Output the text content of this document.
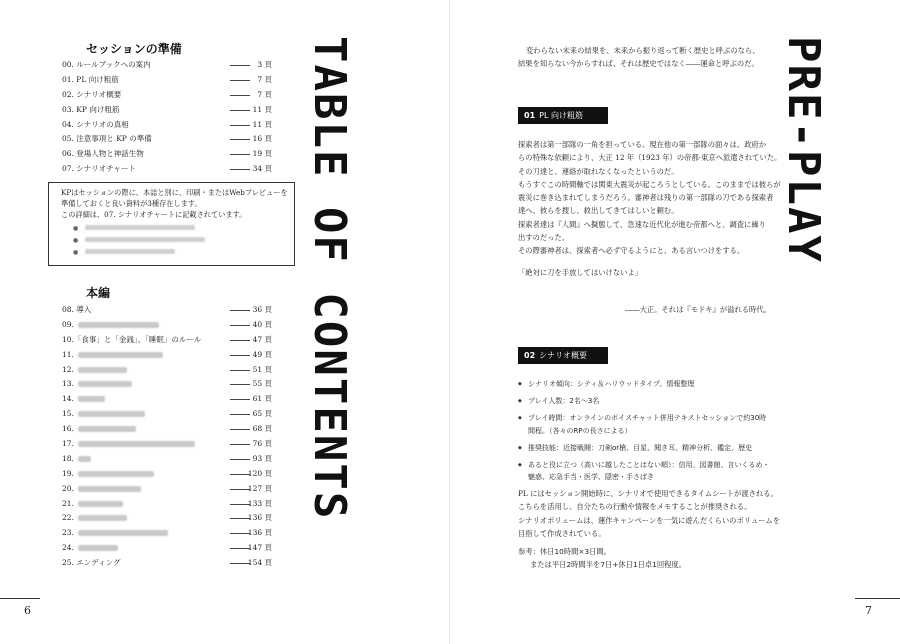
セッションの準備
00. ルールブックへの案内	3 頁
01. PL 向け粗筋	7 頁
02. シナリオ概要	7 頁
03. KP 向け粗筋	11 頁
04. シナリオの真相	11 頁
05. 注意事項と KP の準備	16 頁
06. 登場人物と神話生物	19 頁
07. シナリオチャート	34 頁

KPはセッションの際に、本誌と別に、印刷・またはWebプレビューを

準備しておくと良い資料が3種存在します。

この詳細は、07. シナリオチャートに記載されています。

●
●
●
本編
08. 導入	36 頁
09.	40 頁
10.「食事」と「金銭」、「睡眠」のルール	47 頁
11.	49 頁
12.	51 頁
13.	55 頁
14.	61 頁
15.	65 頁
16.	68 頁
17.	76 頁
18.	93 頁
19.	120 頁
20.	127 頁
21.	133 頁
22.	136 頁
23.	136 頁
24.	147 頁
25. エンディング	154 頁
TABLE OF CONTENTS
6

変わらない未来の結果を、未来から振り返って断く歴史と呼ぶのなら、

結果を知らない今からすれば、それは歴史ではなく――運命と呼ぶのだ。

01 PL 向け粗筋

探索者は第一部隊の一角を担っている。現在他の第一部隊の面々は、政府か

らの特殊な依頼により、大正 12 年（1923 年）の帝都·東京へ派遣されていた。

その刀達と、連絡が取れなくなったというのだ。

もうすぐこの時間軸では関東大震災が起ころうとしている。このままでは彼らが

震災に巻き込まれてしまうだろう。審神者は残りの第一部隊の刀である探索者

達へ、彼らを捜し、救出してきてはしいと頼む。

探索者達は『人間』へ擬態して、急速な近代化が進む帝都へと、調査に繰り

出すのだった。

その際審神者は、探索者へ必ず守るようにと、ある言いつけをする。

「絶対に刀を手放してはいけないよ」
――大正。それは『モドキ』が溢れる時代。
02 シナリオ概要
◆ シナリオ傾向：シティ＆ハリウッドタイプ、情報整理
◆ プレイ人数：2名〜3名
◆ プレイ時間：オンラインのボイスチャット併用テキストセッションで約30時間程。（各々のRPの長さによる）
◆ 推奨技能：近接戦闘：刀剣or槍、目星、聞き耳、精神分析、鑑定、歴史
◆ あると役に立つ（高いに越したことはない順）：信用、図書館、言いくるめ・魅惑、応急手当・医学、隠密・手さばき

PL にはセッション開始時に、シナリオで使用できるタイムシートが渡される。

こちらを活用し、自分たちの行動や情報をメモすることが推奨される。

シナリオボリュームは、運作キャンペーンを一気に遊んだくらいのボリュームを

目指して作成されている。

参考：休日10時間×3日間。

または平日2時間半を7日+休日1日卓1回程度。

PRE-PLAY
7
